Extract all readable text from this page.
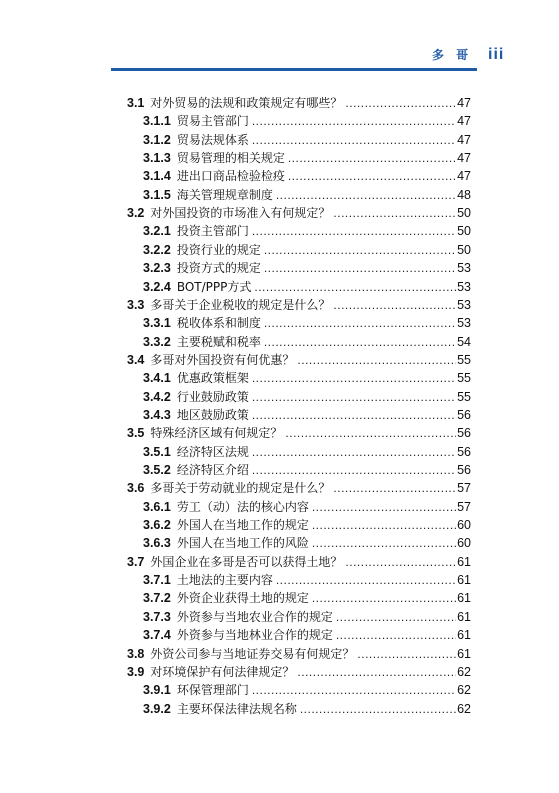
多 哥 iii
3.1 对外贸易的法规和政策规定有哪些？ .....	47
3.1.1 贸易主管部门 .....	47
3.1.2 贸易法规体系 .....	47
3.1.3 贸易管理的相关规定 .....	47
3.1.4 进出口商品检验检疫 .....	47
3.1.5 海关管理规章制度 .....	48
3.2 对外国投资的市场准入有何规定？ .....	50
3.2.1 投资主管部门 .....	50
3.2.2 投资行业的规定 .....	50
3.2.3 投资方式的规定 .....	53
3.2.4 BOT/PPP方式 .....	53
3.3 多哥关于企业税收的规定是什么？ .....	53
3.3.1 税收体系和制度 .....	53
3.3.2 主要税赋和税率 .....	54
3.4 多哥对外国投资有何优惠？ .....	55
3.4.1 优惠政策框架 .....	55
3.4.2 行业鼓励政策 .....	55
3.4.3 地区鼓励政策 .....	56
3.5 特殊经济区域有何规定？ .....	56
3.5.1 经济特区法规 .....	56
3.5.2 经济特区介绍 .....	56
3.6 多哥关于劳动就业的规定是什么？ .....	57
3.6.1 劳工（动）法的核心内容 .....	57
3.6.2 外国人在当地工作的规定 .....	60
3.6.3 外国人在当地工作的风险 .....	60
3.7 外国企业在多哥是否可以获得土地？ .....	61
3.7.1 土地法的主要内容 .....	61
3.7.2 外资企业获得土地的规定 .....	61
3.7.3 外资参与当地农业合作的规定 .....	61
3.7.4 外资参与当地林业合作的规定 .....	61
3.8 外资公司参与当地证券交易有何规定？ .....	61
3.9 对环境保护有何法律规定？ .....	62
3.9.1 环保管理部门 .....	62
3.9.2 主要环保法律法规名称 .....	62
